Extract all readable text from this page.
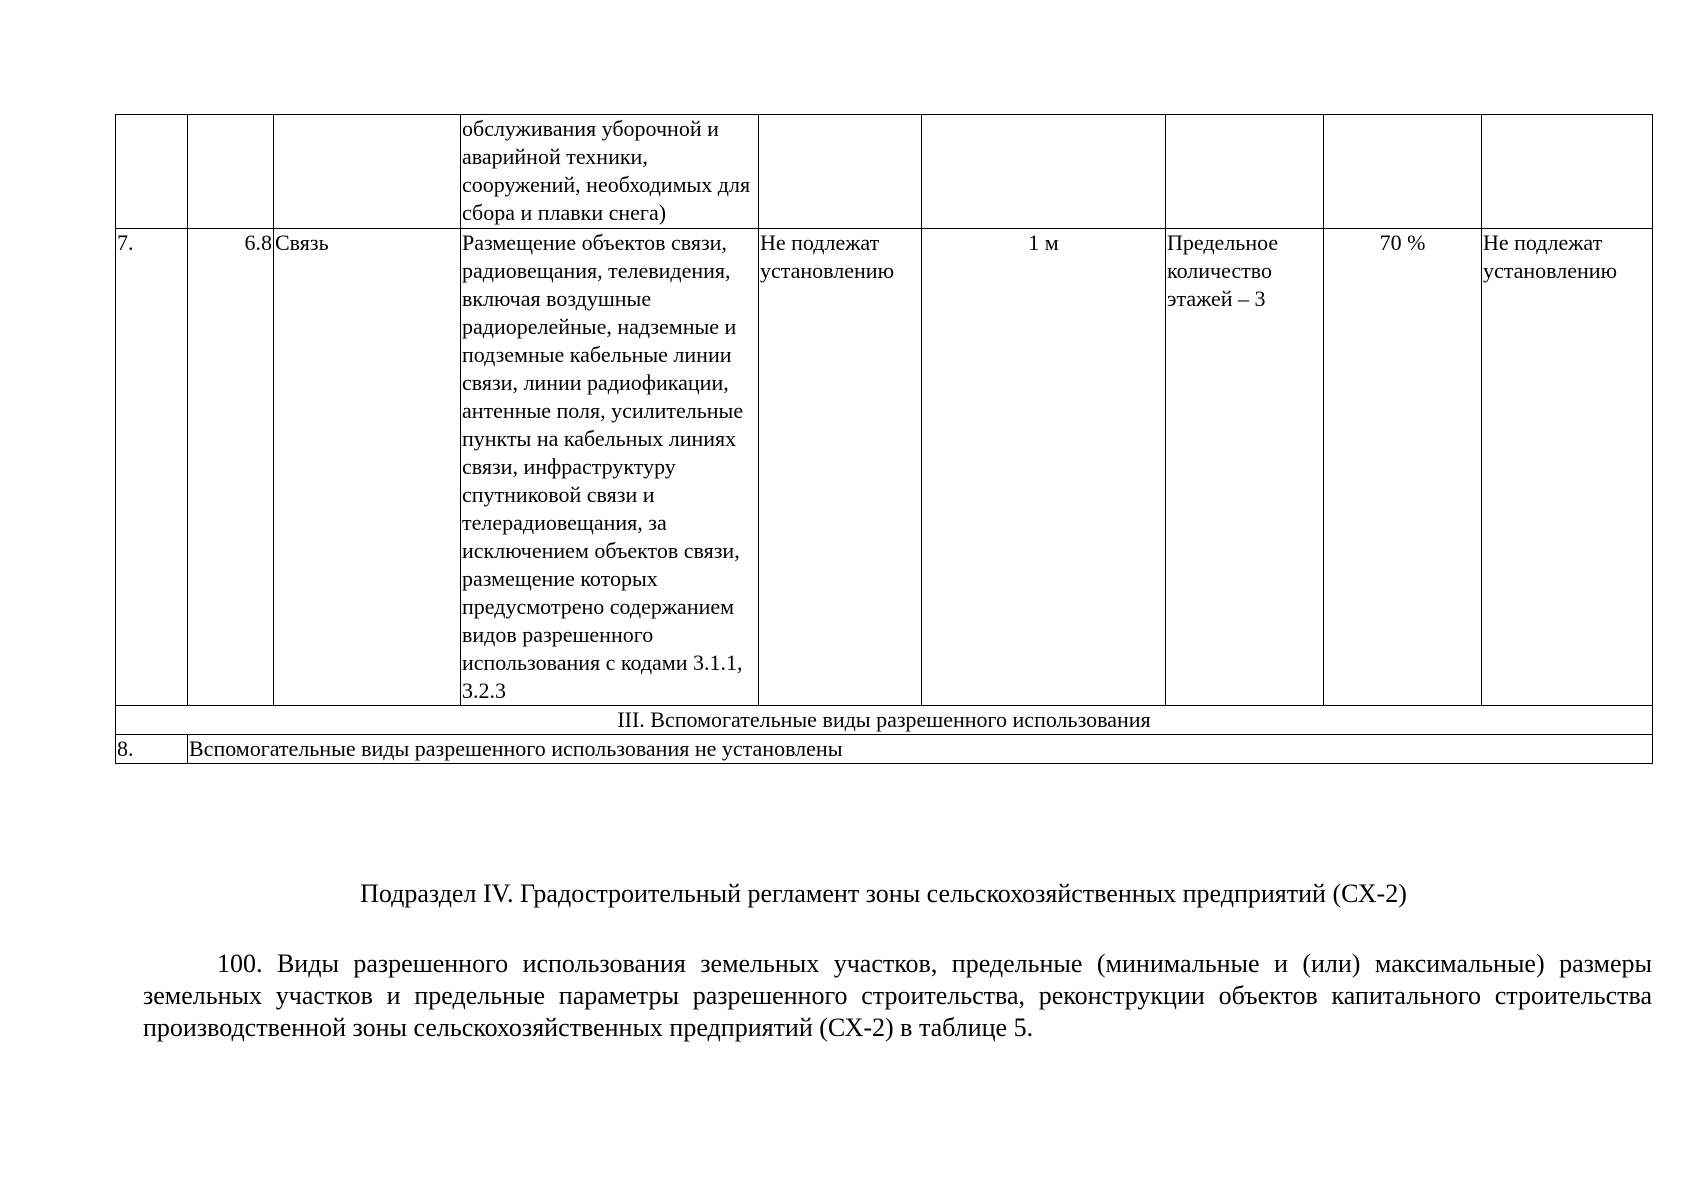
			обслуживания уборочной и аварийной техники, сооружений, необходимых для сбора и плавки снега)					
7.	6.8	Связь	Размещение объектов связи, радиовещания, телевидения, включая воздушные радиорелейные, надземные и подземные кабельные линии связи, линии радиофикации, антенные поля, усилительные пункты на кабельных линиях связи, инфраструктуру спутниковой связи и телерадиовещания, за исключением объектов связи, размещение которых предусмотрено содержанием видов разрешенного использования с кодами 3.1.1, 3.2.3	Не подлежат установлению	1 м	Предельное количество этажей – 3	70 %	Не подлежат установлению
III. Вспомогательные виды разрешенного использования								
8.	Вспомогательные виды разрешенного использования не установлены							
Подраздел IV. Градостроительный регламент зоны сельскохозяйственных предприятий (СХ-2)
100. Виды разрешенного использования земельных участков, предельные (минимальные и (или) максимальные) размеры земельных участков и предельные параметры разрешенного строительства, реконструкции объектов капитального строительства производственной зоны сельскохозяйственных предприятий (СХ-2) в таблице 5.
